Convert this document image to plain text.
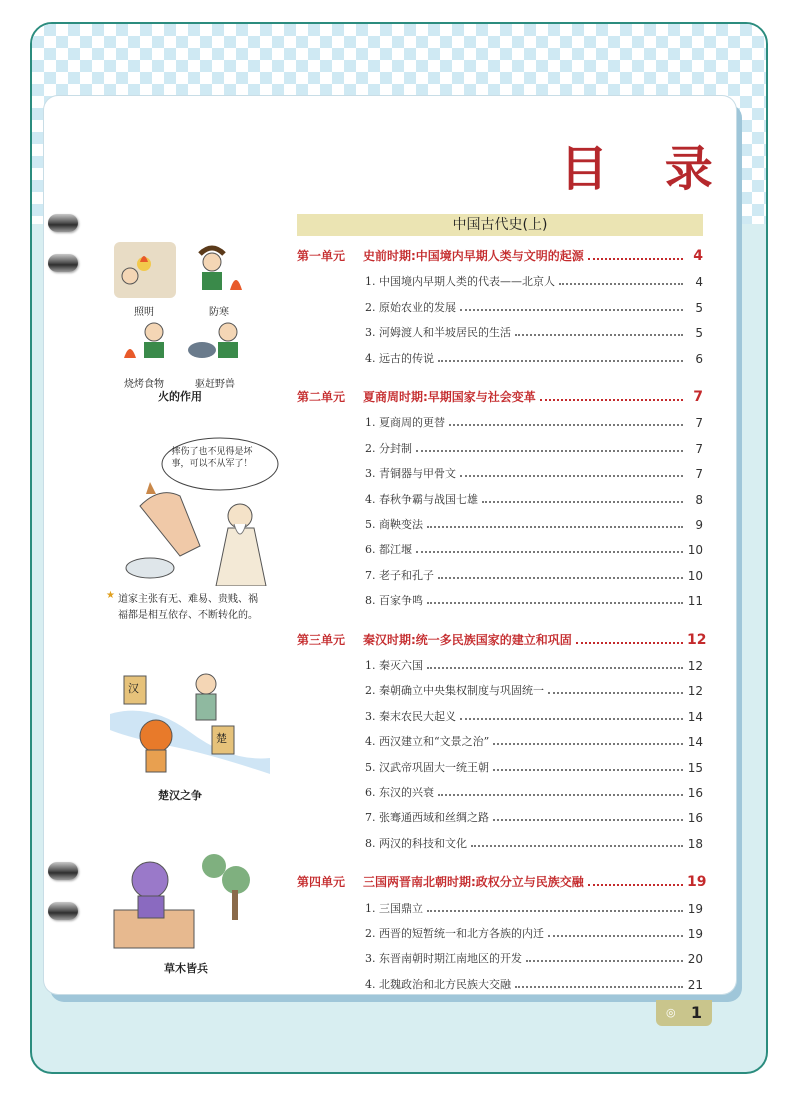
目 录
中国古代史(上)
第一单元	史前时期:中国境内早期人类与文明的起源	4
1. 中国境内早期人类的代表——北京人	4
2. 原始农业的发展	5
3. 河姆渡人和半坡居民的生活	5
4. 远古的传说	6
第二单元	夏商周时期:早期国家与社会变革	7
1. 夏商周的更替	7
2. 分封制	7
3. 青铜器与甲骨文	7
4. 春秋争霸与战国七雄	8
5. 商鞅变法	9
6. 都江堰	10
7. 老子和孔子	10
8. 百家争鸣	11
第三单元	秦汉时期:统一多民族国家的建立和巩固	12
1. 秦灭六国	12
2. 秦朝确立中央集权制度与巩固统一	12
3. 秦末农民大起义	14
4. 西汉建立和“文景之治”	14
5. 汉武帝巩固大一统王朝	15
6. 东汉的兴衰	16
7. 张骞通西域和丝绸之路	16
8. 两汉的科技和文化	18
第四单元	三国两晋南北朝时期:政权分立与民族交融	19
1. 三国鼎立	19
2. 西晋的短暂统一和北方各族的内迁	19
3. 东晋南朝时期江南地区的开发	20
4. 北魏政治和北方民族大交融	21
照明	防寒
烧烤食物	驱赶野兽
火的作用
摔伤了也不见得是坏事，可以不从军了！
★ 道家主张有无、难易、贵贱、祸
福都是相互依存、不断转化的。
汉
楚
楚汉之争
草木皆兵
◎ 1
